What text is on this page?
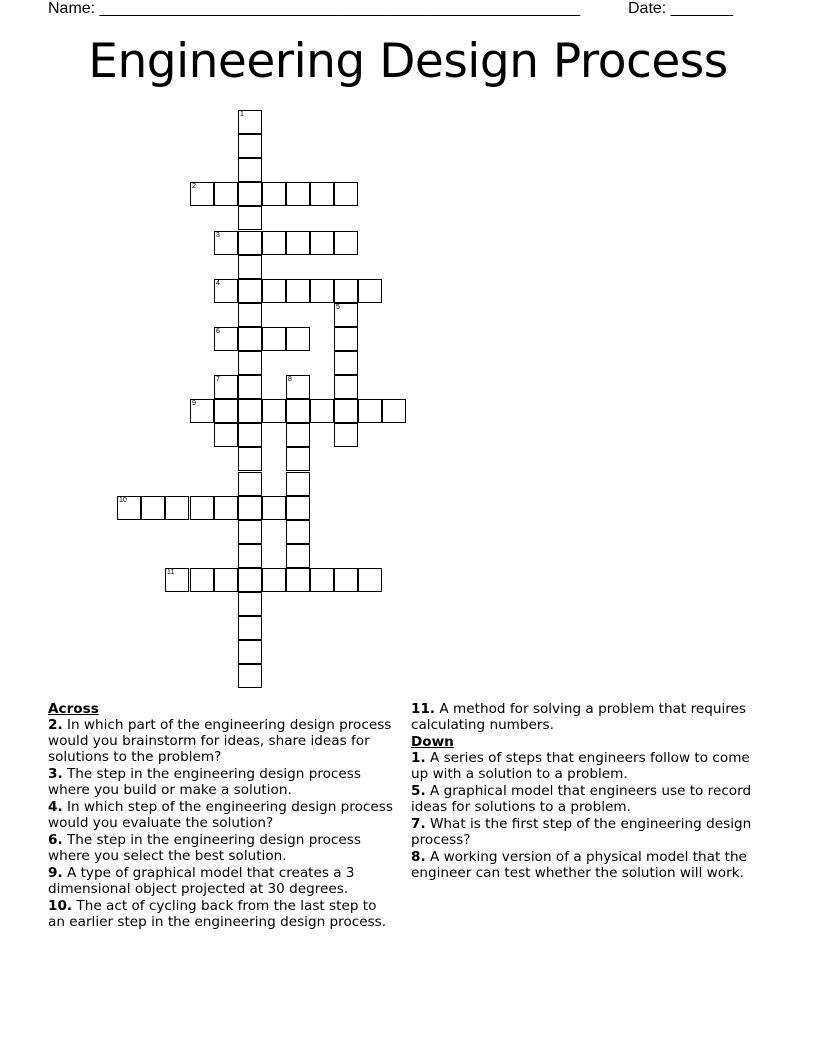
Name: ______________________________________________________	Date: _______
Engineering Design Process
1
2
3
4
5
6
7	8
9
10
11
Across
2. In which part of the engineering design process would you brainstorm for ideas, share ideas for solutions to the problem?
3. The step in the engineering design process where you build or make a solution.
4. In which step of the engineering design process would you evaluate the solution?
6. The step in the engineering design process where you select the best solution.
9. A type of graphical model that creates a 3 dimensional object projected at 30 degrees.
10. The act of cycling back from the last step to an earlier step in the engineering design process.
11. A method for solving a problem that requires calculating numbers.
Down
1. A series of steps that engineers follow to come up with a solution to a problem.
5. A graphical model that engineers use to record ideas for solutions to a problem.
7. What is the first step of the engineering design process?
8. A working version of a physical model that the engineer can test whether the solution will work.
